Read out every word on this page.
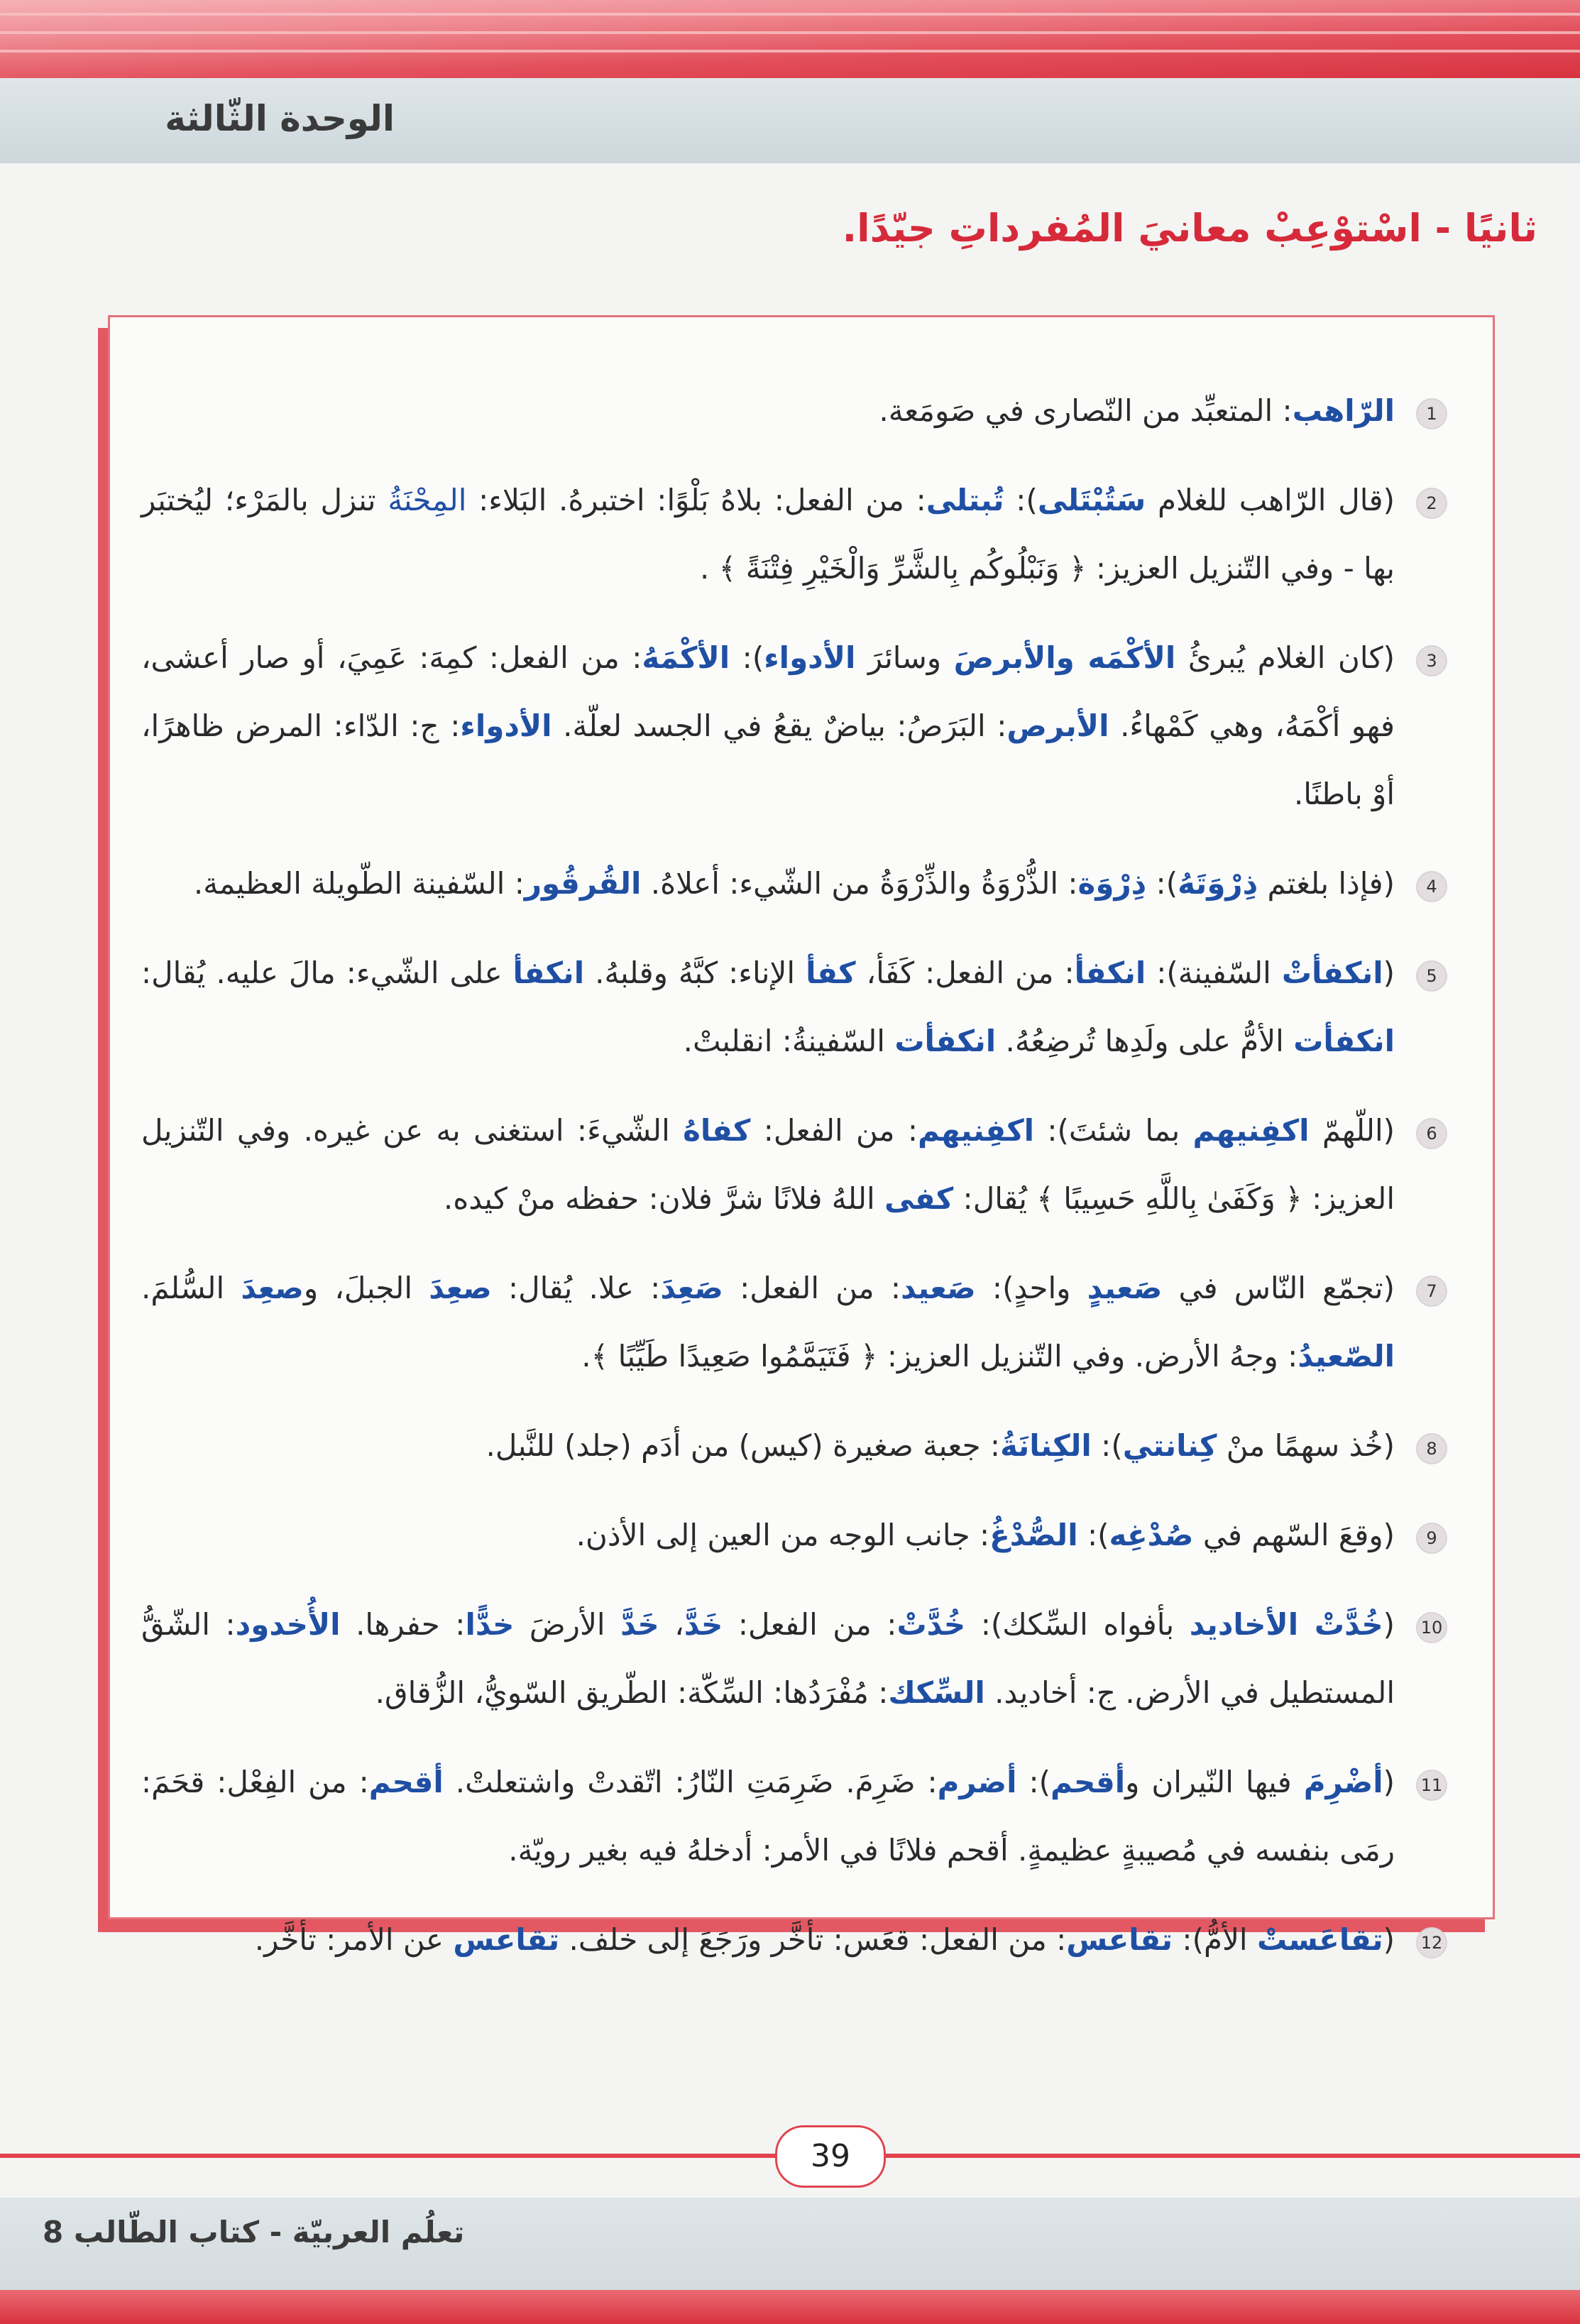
الوحدة الثّالثة
ثانيًا - اسْتوْعِبْ معانيَ المُفرداتِ جيّدًا.
1
الرّاهب: المتعبِّد من النّصارى في صَومَعة.
2
(قال الرّاهب للغلام سَتُبْتَلى): تُبتلى: من الفعل: بلاهُ بَلْوًا: اختبرهُ. البَلاء: المِحْنَةُ تنزل بالمَرْء؛ ليُختبَر بها - وفي التّنزيل العزيز: ﴿ وَنَبْلُوكُم بِالشَّرِّ وَالْخَيْرِ فِتْنَةً ﴾ .
3
(كان الغلام يُبرئُ الأكْمَه والأبرصَ وسائرَ الأدواء): الأكْمَهُ: من الفعل: كمِهَ: عَمِيَ، أو صار أعشى، فهو أكْمَهُ، وهي كَمْهاءُ. الأبرص: البَرَصُ: بياضٌ يقعُ في الجسد لعلّة. الأدواء: ج: الدّاء: المرض ظاهرًا، أوْ باطنًا.
4
(فإذا بلغتم ذِرْوَتَهُ): ذِرْوَة: الذُّرْوَةُ والذِّرْوَةُ من الشّيء: أعلاهُ. القُرقُور: السّفينة الطّويلة العظيمة.
5
(انكفأتْ السّفينة): انكفأ: من الفعل: كَفَأ، كفأ الإناء: كبَّهُ وقلبهُ. انكفأ على الشّيء: مالَ عليه. يُقال: انكفأت الأمُّ على ولَدِها تُرضِعُهُ. انكفأت السّفينةُ: انقلبتْ.
6
(اللّهمّ اكفِنيهم بما شئتَ): اكفِنيهم: من الفعل: كفاهُ الشّيءَ: استغنى به عن غيره. وفي التّنزيل العزيز: ﴿ وَكَفَىٰ بِاللَّهِ حَسِيبًا ﴾ يُقال: كفى اللهُ فلانًا شرَّ فلان: حفظه منْ كيده.
7
(تجمّع النّاس في صَعيدٍ واحدٍ): صَعيد: من الفعل: صَعِدَ: علا. يُقال: صعِدَ الجبلَ، وصعِدَ السُّلمَ. الصّعيدُ: وجهُ الأرض. وفي التّنزيل العزيز: ﴿ فَتَيَمَّمُوا صَعِيدًا طَيِّبًا ﴾.
8
(خُذ سهمًا منْ كِنانتي): الكِنانَةُ: جعبة صغيرة (كيس) من أدَم (جلد) للنَّبل.
9
(وقعَ السّهم في صُدْغِه): الصُّدْغُ: جانب الوجه من العين إلى الأذن.
10
(خُدَّتْ الأخاديد بأفواه السِّكك): خُدَّتْ: من الفعل: خَدَّ، خَدَّ الأرضَ خدًّا: حفرها. الأُخدود: الشّقُّ المستطيل في الأرض. ج: أخاديد. السِّكك: مُفْرَدُها: السِّكّة: الطّريق السّويُّ، الزُّقاق.
11
(أضْرِمَ فيها النّيران وأقحم): أضرم: ضَرِمَ. ضَرِمَتِ النّارُ: اتّقدتْ واشتعلتْ. أقحم: من الفِعْل: قحَمَ: رمَى بنفسه في مُصيبةٍ عظيمةٍ. أقحم فلانًا في الأمر: أدخلهُ فيه بغير رويّة.
12
(تقاعَستْ الأمُّ): تقاعس: من الفعل: قعَس: تأخَّر ورَجَعَ إلى خلف. تقاعس عن الأمر: تأخَّر.
39
تعلُم العربيّة - كتاب الطّالب 8
